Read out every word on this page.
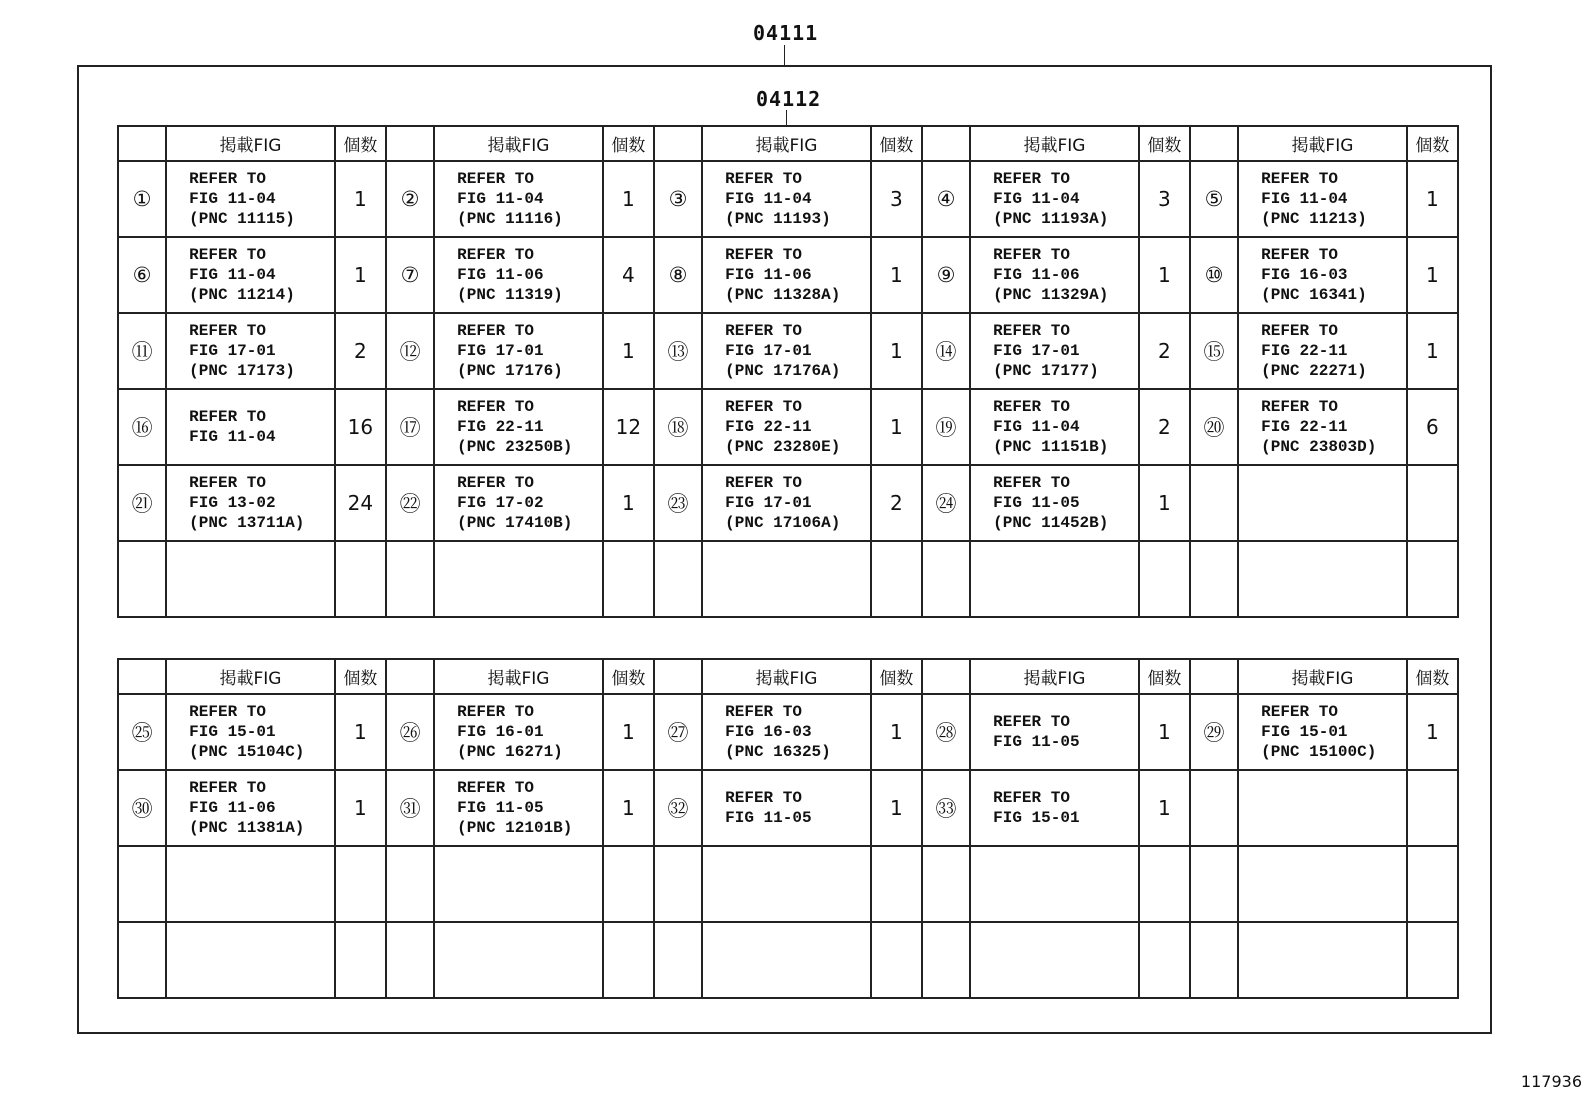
04111
04112
	掲載FIG	個数		掲載FIG	個数		掲載FIG	個数		掲載FIG	個数		掲載FIG	個数
①	REFER TO
FIG 11-04
(PNC 11115)	1	②	REFER TO
FIG 11-04
(PNC 11116)	1	③	REFER TO
FIG 11-04
(PNC 11193)	3	④	REFER TO
FIG 11-04
(PNC 11193A)	3	⑤	REFER TO
FIG 11-04
(PNC 11213)	1
⑥	REFER TO
FIG 11-04
(PNC 11214)	1	⑦	REFER TO
FIG 11-06
(PNC 11319)	4	⑧	REFER TO
FIG 11-06
(PNC 11328A)	1	⑨	REFER TO
FIG 11-06
(PNC 11329A)	1	⑩	REFER TO
FIG 16-03
(PNC 16341)	1
⑪	REFER TO
FIG 17-01
(PNC 17173)	2	⑫	REFER TO
FIG 17-01
(PNC 17176)	1	⑬	REFER TO
FIG 17-01
(PNC 17176A)	1	⑭	REFER TO
FIG 17-01
(PNC 17177)	2	⑮	REFER TO
FIG 22-11
(PNC 22271)	1
⑯	REFER TO
FIG 11-04	16	⑰	REFER TO
FIG 22-11
(PNC 23250B)	12	⑱	REFER TO
FIG 22-11
(PNC 23280E)	1	⑲	REFER TO
FIG 11-04
(PNC 11151B)	2	⑳	REFER TO
FIG 22-11
(PNC 23803D)	6
㉑	REFER TO
FIG 13-02
(PNC 13711A)	24	㉒	REFER TO
FIG 17-02
(PNC 17410B)	1	㉓	REFER TO
FIG 17-01
(PNC 17106A)	2	㉔	REFER TO
FIG 11-05
(PNC 11452B)	1			

	掲載FIG	個数		掲載FIG	個数		掲載FIG	個数		掲載FIG	個数		掲載FIG	個数
㉕	REFER TO
FIG 15-01
(PNC 15104C)	1	㉖	REFER TO
FIG 16-01
(PNC 16271)	1	㉗	REFER TO
FIG 16-03
(PNC 16325)	1	㉘	REFER TO
FIG 11-05	1	㉙	REFER TO
FIG 15-01
(PNC 15100C)	1
㉚	REFER TO
FIG 11-06
(PNC 11381A)	1	㉛	REFER TO
FIG 11-05
(PNC 12101B)	1	㉜	REFER TO
FIG 11-05	1	㉝	REFER TO
FIG 15-01	1			

117936
